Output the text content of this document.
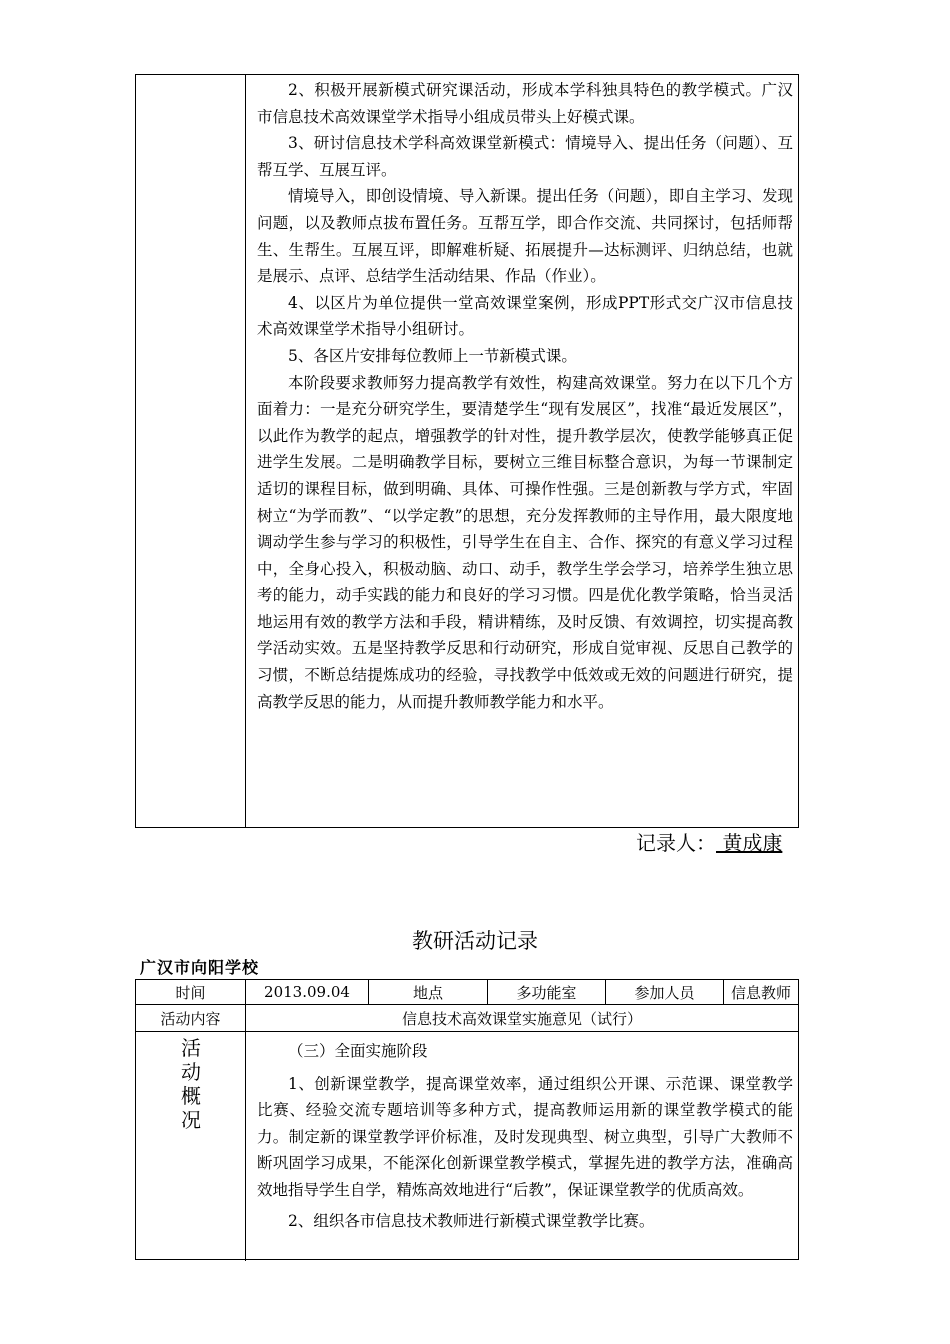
2、积极开展新模式研究课活动，形成本学科独具特色的教学模式。广汉市信息技术高效课堂学术指导小组成员带头上好模式课。

3、研讨信息技术学科高效课堂新模式：情境导入、提出任务（问题）、互帮互学、互展互评。

情境导入，即创设情境、导入新课。提出任务（问题），即自主学习、发现问题，以及教师点拔布置任务。互帮互学，即合作交流、共同探讨，包括师帮生、生帮生。互展互评，即解难析疑、拓展提升—达标测评、归纳总结，也就是展示、点评、总结学生活动结果、作品（作业）。

4、以区片为单位提供一堂高效课堂案例，形成PPT形式交广汉市信息技术高效课堂学术指导小组研讨。

5、各区片安排每位教师上一节新模式课。

本阶段要求教师努力提高教学有效性，构建高效课堂。努力在以下几个方面着力：一是充分研究学生，要清楚学生“现有发展区”，找准“最近发展区”，以此作为教学的起点，增强教学的针对性，提升教学层次，使教学能够真正促进学生发展。二是明确教学目标，要树立三维目标整合意识，为每一节课制定适切的课程目标，做到明确、具体、可操作性强。三是创新教与学方式，牢固树立“为学而教”、“以学定教”的思想，充分发挥教师的主导作用，最大限度地调动学生参与学习的积极性，引导学生在自主、合作、探究的有意义学习过程中，全身心投入，积极动脑、动口、动手，教学生学会学习，培养学生独立思考的能力，动手实践的能力和良好的学习习惯。四是优化教学策略，恰当灵活地运用有效的教学方法和手段，精讲精练，及时反馈、有效调控，切实提高教学活动实效。五是坚持教学反思和行动研究，形成自觉审视、反思自己教学的习惯，不断总结提炼成功的经验，寻找教学中低效或无效的问题进行研究，提高教学反思的能力，从而提升教师教学能力和水平。

记录人： 黄成康
教研活动记录
广汉市向阳学校
时间	2013.09.04	地点	多功能室	参加人员	信息教师
活动内容	信息技术高效课堂实施意见（试行）
活
动
概
况

（三）全面实施阶段

1、创新课堂教学，提高课堂效率，通过组织公开课、示范课、课堂教学比赛、经验交流专题培训等多种方式，提高教师运用新的课堂教学模式的能力。制定新的课堂教学评价标准，及时发现典型、树立典型，引导广大教师不断巩固学习成果，不能深化创新课堂教学模式，掌握先进的教学方法，准确高效地指导学生自学，精炼高效地进行“后教”，保证课堂教学的优质高效。

2、组织各市信息技术教师进行新模式课堂教学比赛。
